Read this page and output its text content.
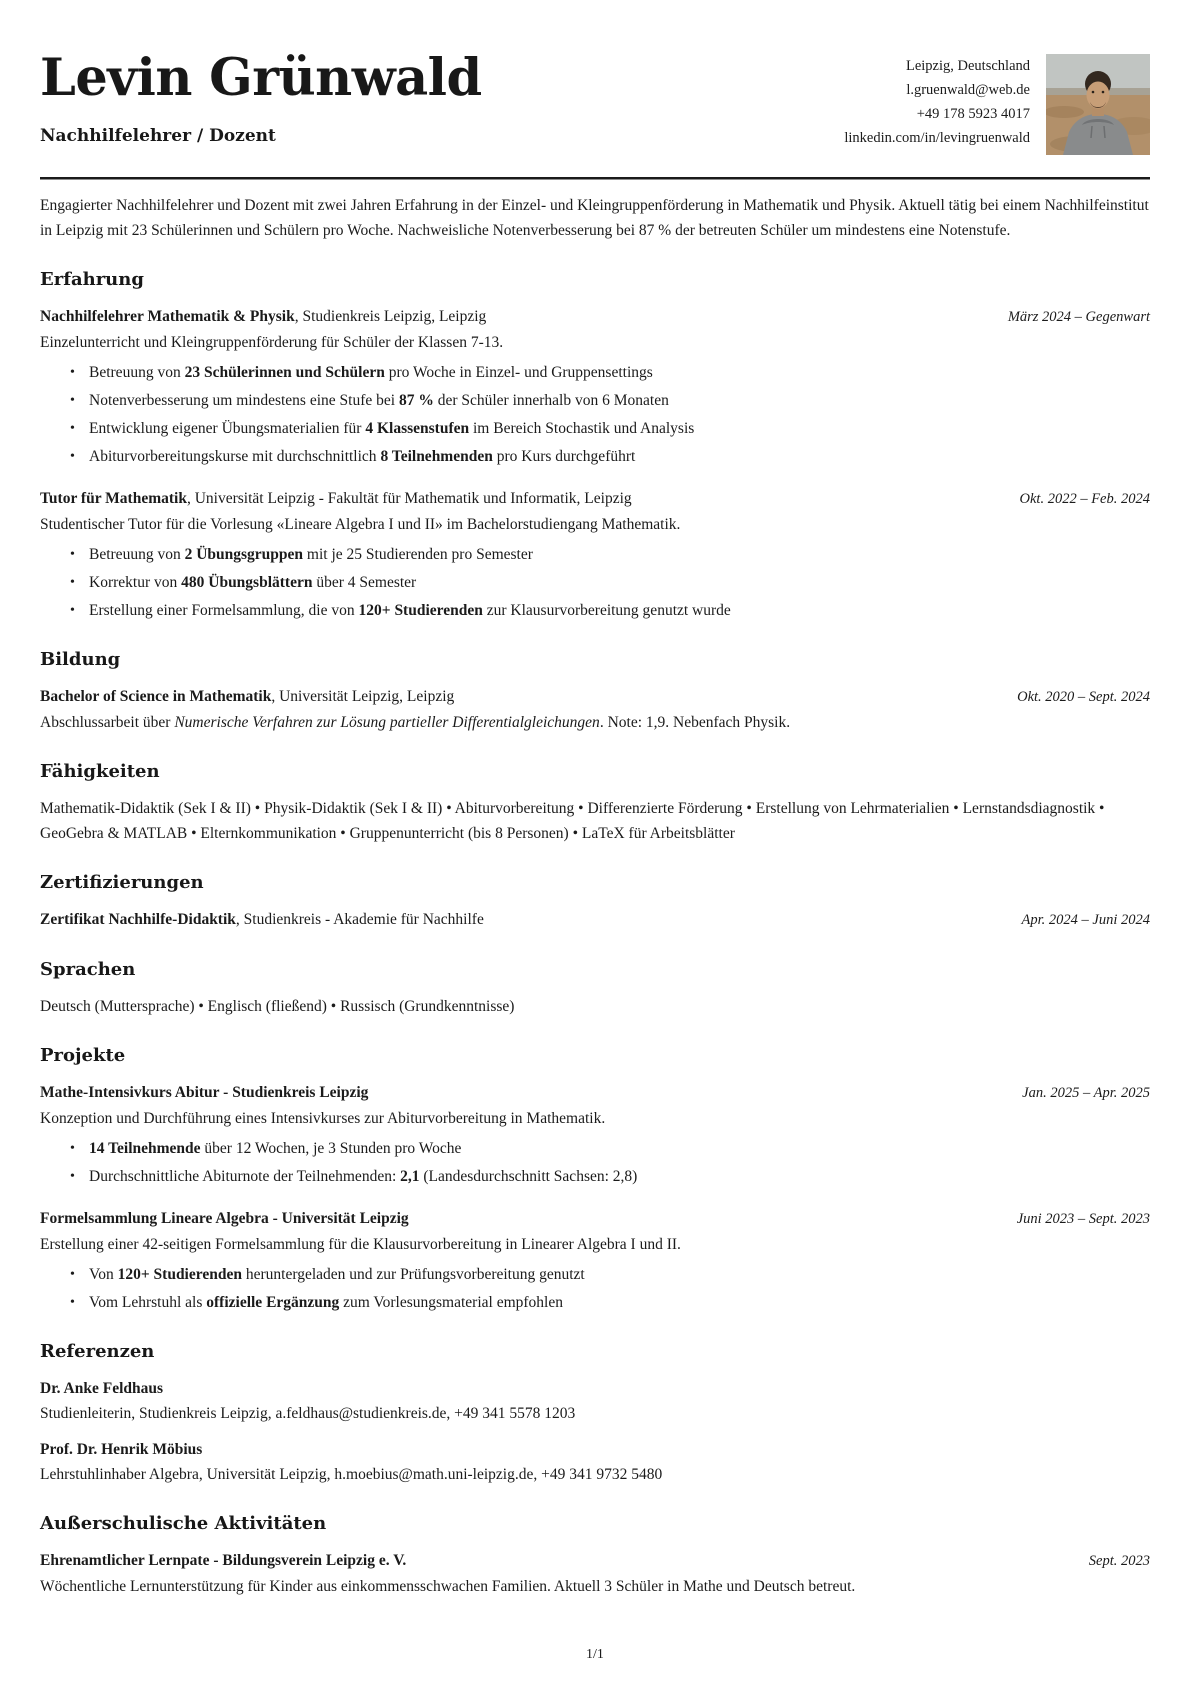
Levin Grünwald
Nachhilfelehrer / Dozent
Leipzig, Deutschland
l.gruenwald@web.de
+49 178 5923 4017
linkedin.com/in/levingruenwald

Engagierter Nachhilfelehrer und Dozent mit zwei Jahren Erfahrung in der Einzel- und Kleingruppenförderung in Mathematik und Physik. Aktuell tätig bei einem Nachhilfeinstitut in Leipzig mit 23 Schülerinnen und Schülern pro Woche. Nachweisliche Notenverbesserung bei 87 % der betreuten Schüler um mindestens eine Notenstufe.

Erfahrung
Nachhilfelehrer Mathematik & Physik, Studienkreis Leipzig, Leipzig	März 2024 – Gegenwart

Einzelunterricht und Kleingruppenförderung für Schüler der Klassen 7-13.

• Betreuung von 23 Schülerinnen und Schülern pro Woche in Einzel- und Gruppensettings
• Notenverbesserung um mindestens eine Stufe bei 87 % der Schüler innerhalb von 6 Monaten
• Entwicklung eigener Übungsmaterialien für 4 Klassenstufen im Bereich Stochastik und Analysis
• Abiturvorbereitungskurse mit durchschnittlich 8 Teilnehmenden pro Kurs durchgeführt
Tutor für Mathematik, Universität Leipzig - Fakultät für Mathematik und Informatik, Leipzig	Okt. 2022 – Feb. 2024

Studentischer Tutor für die Vorlesung «Lineare Algebra I und II» im Bachelorstudiengang Mathematik.

• Betreuung von 2 Übungsgruppen mit je 25 Studierenden pro Semester
• Korrektur von 480 Übungsblättern über 4 Semester
• Erstellung einer Formelsammlung, die von 120+ Studierenden zur Klausurvorbereitung genutzt wurde
Bildung
Bachelor of Science in Mathematik, Universität Leipzig, Leipzig	Okt. 2020 – Sept. 2024

Abschlussarbeit über Numerische Verfahren zur Lösung partieller Differentialgleichungen. Note: 1,9. Nebenfach Physik.

Fähigkeiten

Mathematik-Didaktik (Sek I & II) • Physik-Didaktik (Sek I & II) • Abiturvorbereitung • Differenzierte Förderung • Erstellung von Lehrmaterialien • Lernstandsdiagnostik • GeoGebra & MATLAB • Elternkommunikation • Gruppenunterricht (bis 8 Personen) • LaTeX für Arbeitsblätter

Zertifizierungen
Zertifikat Nachhilfe-Didaktik, Studienkreis - Akademie für Nachhilfe	Apr. 2024 – Juni 2024
Sprachen

Deutsch (Muttersprache) • Englisch (fließend) • Russisch (Grundkenntnisse)

Projekte
Mathe-Intensivkurs Abitur - Studienkreis Leipzig	Jan. 2025 – Apr. 2025

Konzeption und Durchführung eines Intensivkurses zur Abiturvorbereitung in Mathematik.

• 14 Teilnehmende über 12 Wochen, je 3 Stunden pro Woche
• Durchschnittliche Abiturnote der Teilnehmenden: 2,1 (Landesdurchschnitt Sachsen: 2,8)
Formelsammlung Lineare Algebra - Universität Leipzig	Juni 2023 – Sept. 2023

Erstellung einer 42-seitigen Formelsammlung für die Klausurvorbereitung in Linearer Algebra I und II.

• Von 120+ Studierenden heruntergeladen und zur Prüfungsvorbereitung genutzt
• Vom Lehrstuhl als offizielle Ergänzung zum Vorlesungsmaterial empfohlen
Referenzen
Dr. Anke Feldhaus
Studienleiterin, Studienkreis Leipzig, a.feldhaus@studienkreis.de, +49 341 5578 1203
Prof. Dr. Henrik Möbius
Lehrstuhlinhaber Algebra, Universität Leipzig, h.moebius@math.uni-leipzig.de, +49 341 9732 5480
Außerschulische Aktivitäten
Ehrenamtlicher Lernpate - Bildungsverein Leipzig e. V.	Sept. 2023

Wöchentliche Lernunterstützung für Kinder aus einkommensschwachen Familien. Aktuell 3 Schüler in Mathe und Deutsch betreut.

1/1
